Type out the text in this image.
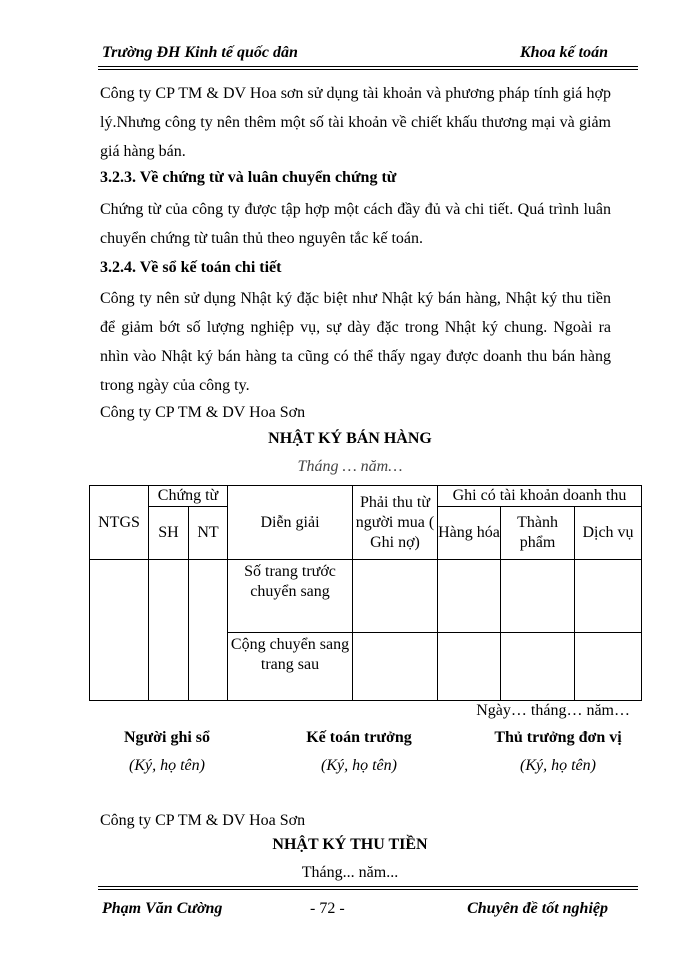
Trường ĐH Kinh tế quốc dân	Khoa kế toán

Công ty CP TM & DV Hoa sơn sử dụng tài khoản và phương pháp tính giá hợp lý.Nhưng công ty nên thêm một số tài khoản về chiết khấu thương mại và giảm giá hàng bán.

3.2.3. Về chứng từ và luân chuyển chứng từ

Chứng từ của công ty được tập hợp một cách đầy đủ và chi tiết. Quá trình luân chuyển chứng từ tuân thủ theo nguyên tắc kế toán.

3.2.4. Về sổ kế toán chi tiết

Công ty nên sử dụng Nhật ký đặc biệt như Nhật ký bán hàng, Nhật ký thu tiền để giảm bớt số lượng nghiệp vụ, sự dày đặc trong Nhật ký chung. Ngoài ra nhìn vào Nhật ký bán hàng ta cũng có thể thấy ngay được doanh thu bán hàng trong ngày của công ty.

Công ty CP TM & DV Hoa Sơn

NHẬT KÝ BÁN HÀNG
Tháng … năm…
NTGS	Chứng từ		Diễn giải	Phải thu từ người mua ( Ghi nợ)	Ghi có tài khoản doanh thu		
	SH	NT			Hàng hóa	Thành phẩm	Dịch vụ
			Số trang trước chuyển sang				
			Cộng chuyển sang trang sau				
Ngày… tháng… năm…
Người ghi sổ	Kế toán trưởng	Thủ trưởng đơn vị
(Ký, họ tên)	(Ký, họ tên)	(Ký, họ tên)

Công ty CP TM & DV Hoa Sơn

NHẬT KÝ THU TIỀN
Tháng... năm...
Phạm Văn Cường	- 72 -	Chuyên đề tốt nghiệp
